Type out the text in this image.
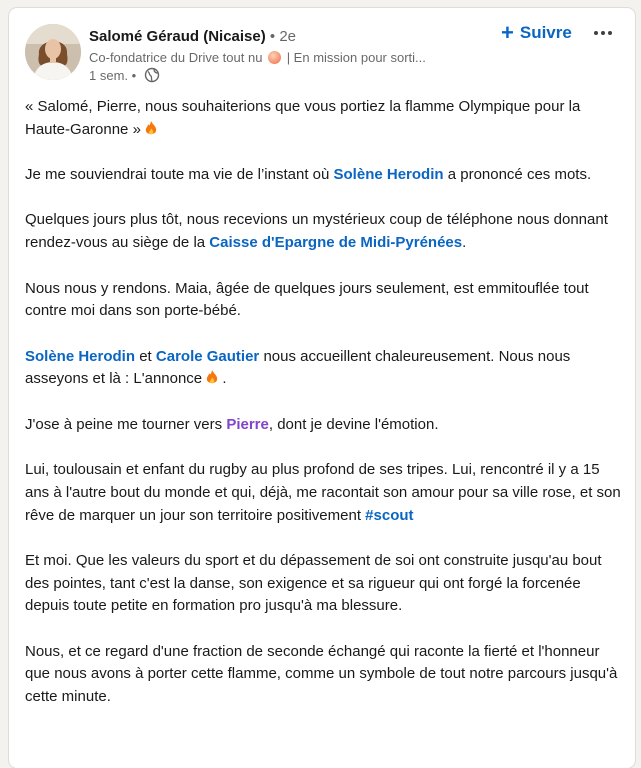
Salomé Géraud (Nicaise) • 2e
Co-fondatrice du Drive tout nu | En mission pour sorti...
1 sem. •
+ Suivre

« Salomé, Pierre, nous souhaiterions que vous portiez la flamme Olympique pour la Haute-Garonne »

Je me souviendrai toute ma vie de l’instant où Solène Herodin a prononcé ces mots.

Quelques jours plus tôt, nous recevions un mystérieux coup de téléphone nous donnant rendez-vous au siège de la Caisse d'Epargne de Midi-Pyrénées.

Nous nous y rendons. Maia, âgée de quelques jours seulement, est emmitouflée tout contre moi dans son porte-bébé.

Solène Herodin et Carole Gautier nous accueillent chaleureusement. Nous nous asseyons et là : L'annonce .

J'ose à peine me tourner vers Pierre, dont je devine l'émotion.

Lui, toulousain et enfant du rugby au plus profond de ses tripes. Lui, rencontré il y a 15 ans à l'autre bout du monde et qui, déjà, me racontait son amour pour sa ville rose, et son rêve de marquer un jour son territoire positivement #scout

Et moi. Que les valeurs du sport et du dépassement de soi ont construite jusqu'au bout des pointes, tant c'est la danse, son exigence et sa rigueur qui ont forgé la forcenée depuis toute petite en formation pro jusqu'à ma blessure.

Nous, et ce regard d'une fraction de seconde échangé qui raconte la fierté et l'honneur que nous avons à porter cette flamme, comme un symbole de tout notre parcours jusqu'à cette minute.
